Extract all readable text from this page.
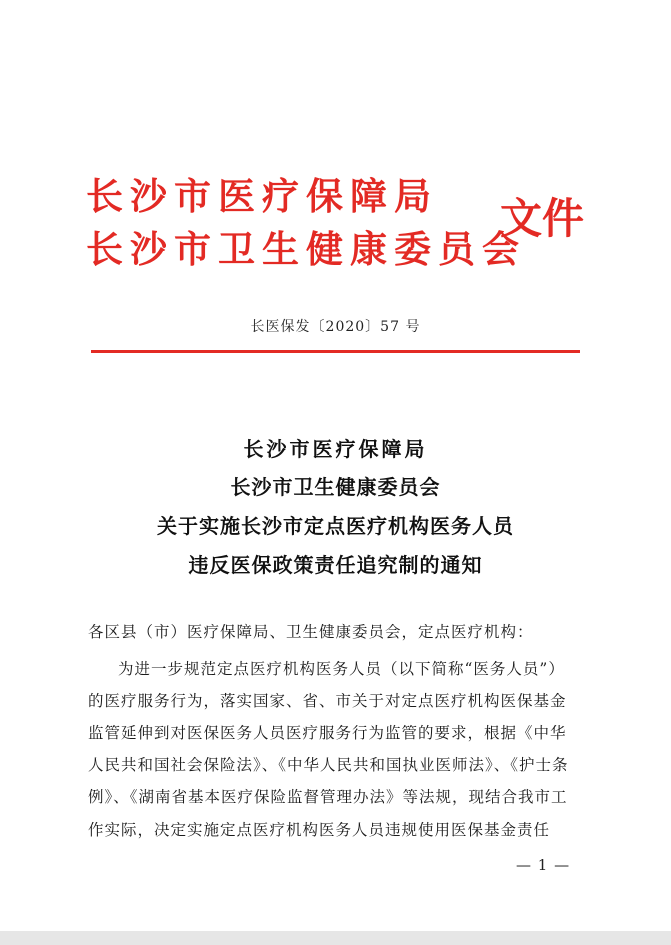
长沙市医疗保障局
长沙市卫生健康委员会
文件
长医保发〔2020〕57 号
长沙市医疗保障局
长沙市卫生健康委员会
关于实施长沙市定点医疗机构医务人员
违反医保政策责任追究制的通知
各区县（市）医疗保障局、卫生健康委员会，定点医疗机构：
为进一步规范定点医疗机构医务人员（以下简称“医务人员”）
的医疗服务行为，落实国家、省、市关于对定点医疗机构医保基金
监管延伸到对医保医务人员医疗服务行为监管的要求，根据《中华
人民共和国社会保险法》、《中华人民共和国执业医师法》、《护士条
例》、《湖南省基本医疗保险监督管理办法》等法规，现结合我市工
作实际，决定实施定点医疗机构医务人员违规使用医保基金责任
— 1 —
